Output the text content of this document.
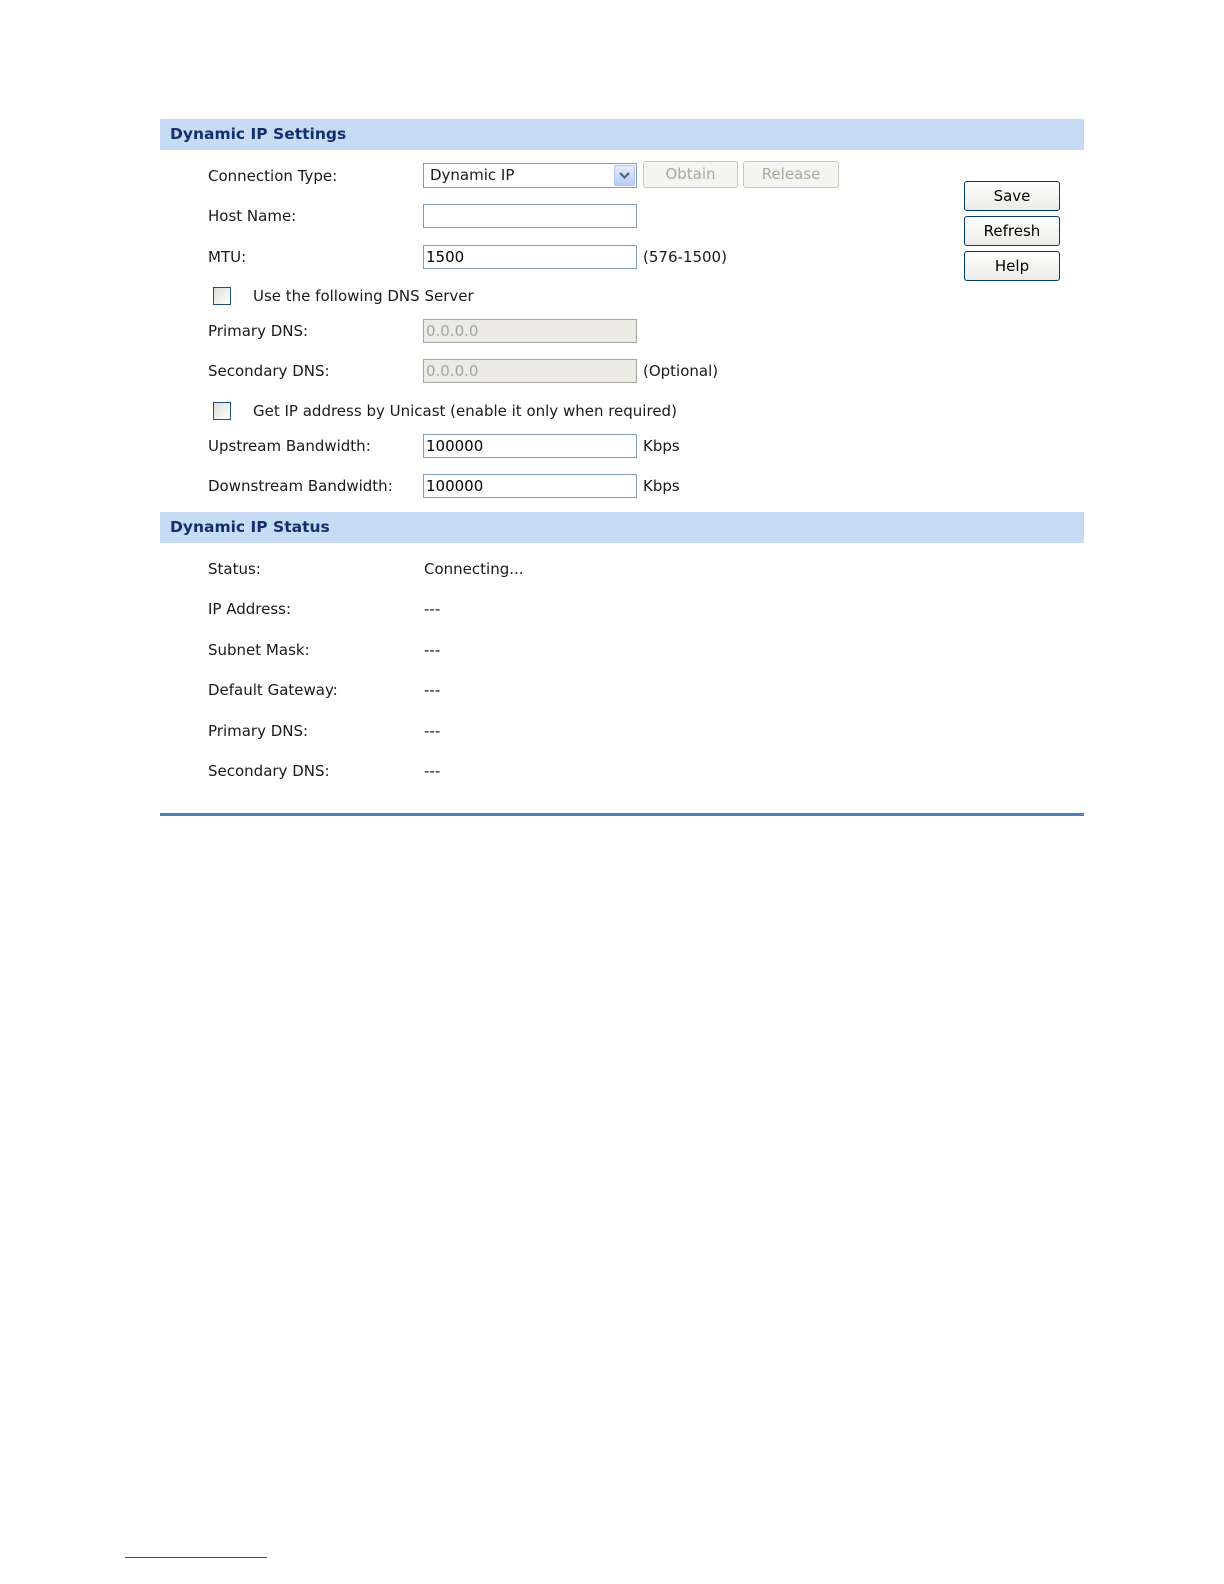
Dynamic IP Settings
Connection Type:	Dynamic IP	Obtain	Release
Save
Refresh
Help
Host Name:
MTU:
1500	(576-1500)
Use the following DNS Server
Primary DNS:
0.0.0.0
Secondary DNS:
0.0.0.0	(Optional)
Get IP address by Unicast (enable it only when required)
Upstream Bandwidth:
100000	Kbps
Downstream Bandwidth:
100000	Kbps
Dynamic IP Status
Status:	Connecting...
IP Address:	---
Subnet Mask:	---
Default Gateway:	---
Primary DNS:	---
Secondary DNS:	---
